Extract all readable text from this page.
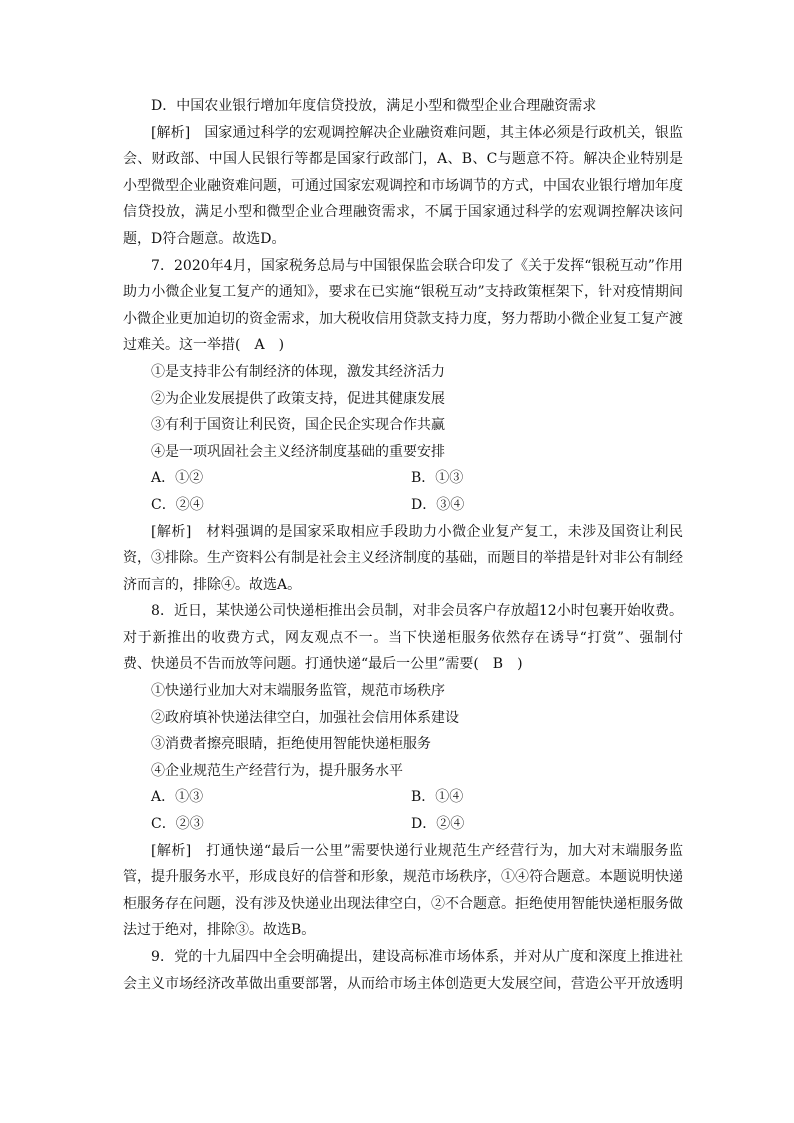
D．中国农业银行增加年度信贷投放，满足小型和微型企业合理融资需求

[解析]　国家通过科学的宏观调控解决企业融资难问题，其主体必须是行政机关，银监会、财政部、中国人民银行等都是国家行政部门，A、B、C与题意不符。解决企业特别是小型微型企业融资难问题，可通过国家宏观调控和市场调节的方式，中国农业银行增加年度信贷投放，满足小型和微型企业合理融资需求，不属于国家通过科学的宏观调控解决该问题，D符合题意。故选D。

7．2020年4月，国家税务总局与中国银保监会联合印发了《关于发挥“银税互动”作用助力小微企业复工复产的通知》，要求在已实施“银税互动”支持政策框架下，针对疫情期间小微企业更加迫切的资金需求，加大税收信用贷款支持力度，努力帮助小微企业复工复产渡过难关。这一举措(　A　)

①是支持非公有制经济的体现，激发其经济活力

②为企业发展提供了政策支持，促进其健康发展

③有利于国资让利民资，国企民企实现合作共赢

④是一项巩固社会主义经济制度基础的重要安排

A．①②	B．①③
C．②④	D．③④

[解析]　材料强调的是国家采取相应手段助力小微企业复产复工，未涉及国资让利民资，③排除。生产资料公有制是社会主义经济制度的基础，而题目的举措是针对非公有制经济而言的，排除④。故选A。

8．近日，某快递公司快递柜推出会员制，对非会员客户存放超12小时包裹开始收费。对于新推出的收费方式，网友观点不一。当下快递柜服务依然存在诱导“打赏”、强制付费、快递员不告而放等问题。打通快递“最后一公里”需要(　B　)

①快递行业加大对末端服务监管，规范市场秩序

②政府填补快递法律空白，加强社会信用体系建设

③消费者擦亮眼睛，拒绝使用智能快递柜服务

④企业规范生产经营行为，提升服务水平

A．①③	B．①④
C．②③	D．②④

[解析]　打通快递“最后一公里”需要快递行业规范生产经营行为，加大对末端服务监管，提升服务水平，形成良好的信誉和形象，规范市场秩序，①④符合题意。本题说明快递柜服务存在问题，没有涉及快递业出现法律空白，②不合题意。拒绝使用智能快递柜服务做法过于绝对，排除③。故选B。

9．党的十九届四中全会明确提出，建设高标准市场体系，并对从广度和深度上推进社会主义市场经济改革做出重要部署，从而给市场主体创造更大发展空间，营造公平开放透明
